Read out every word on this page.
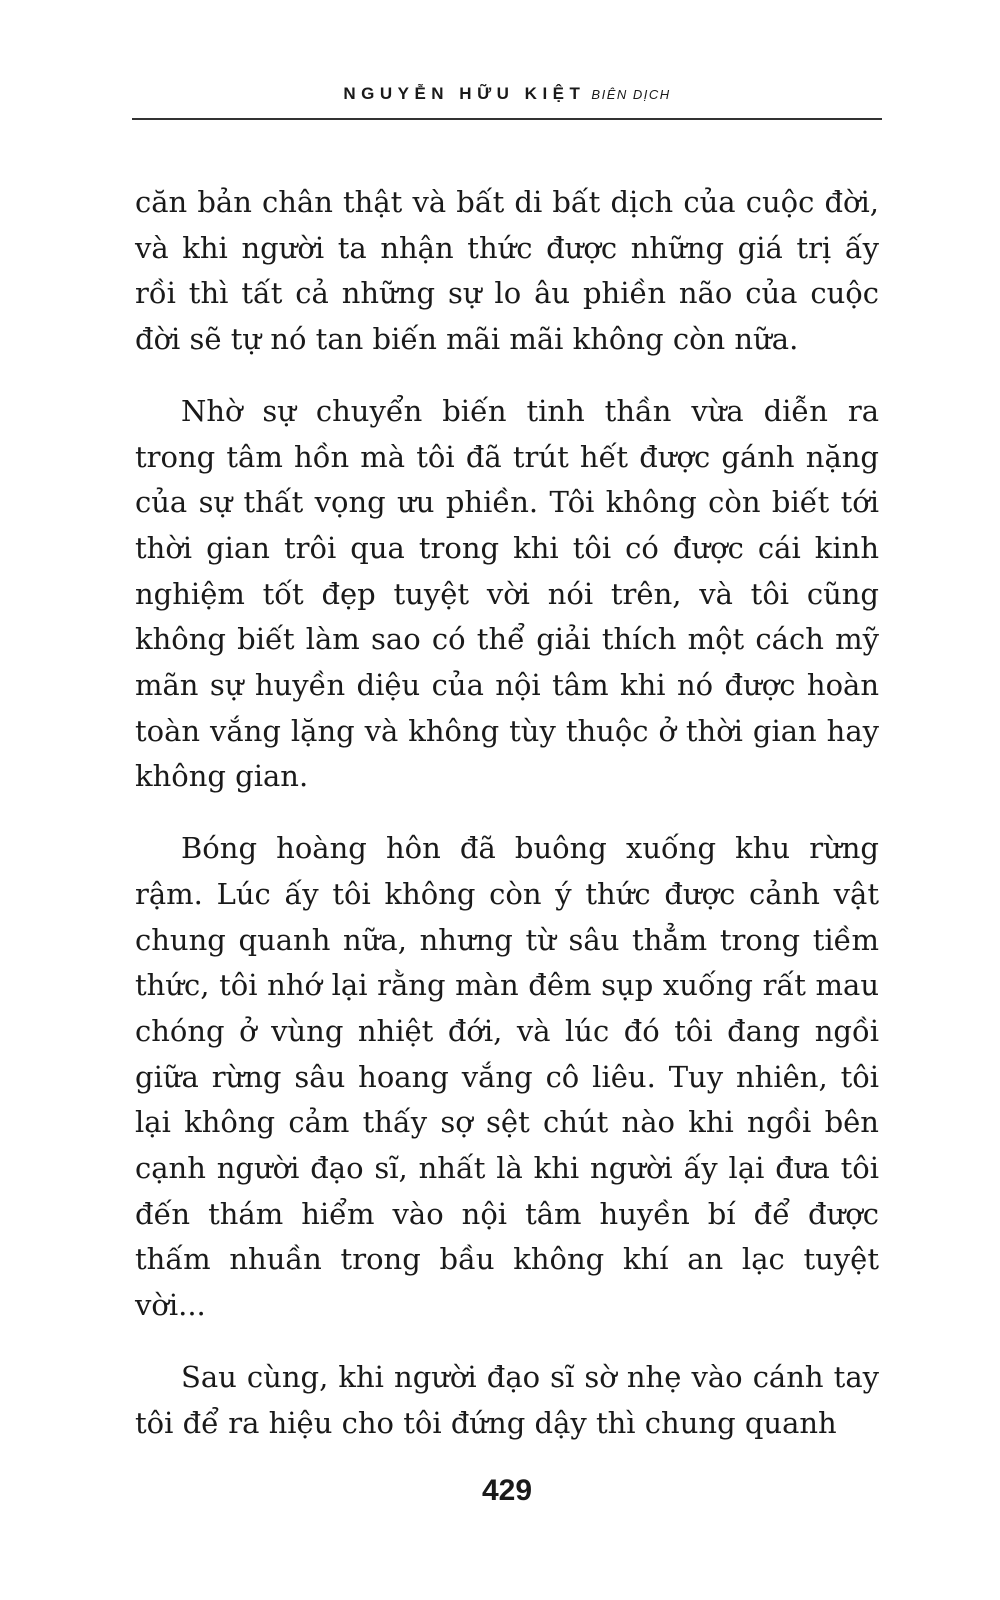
NGUYỄN HỮU KIỆT BIÊN DỊCH

căn bản chân thật và bất di bất dịch của cuộc đời, và khi người ta nhận thức được những giá trị ấy rồi thì tất cả những sự lo âu phiền não của cuộc đời sẽ tự nó tan biến mãi mãi không còn nữa.

Nhờ sự chuyển biến tinh thần vừa diễn ra trong tâm hồn mà tôi đã trút hết được gánh nặng của sự thất vọng ưu phiền. Tôi không còn biết tới thời gian trôi qua trong khi tôi có được cái kinh nghiệm tốt đẹp tuyệt vời nói trên, và tôi cũng không biết làm sao có thể giải thích một cách mỹ mãn sự huyền diệu của nội tâm khi nó được hoàn toàn vắng lặng và không tùy thuộc ở thời gian hay không gian.

Bóng hoàng hôn đã buông xuống khu rừng rậm. Lúc ấy tôi không còn ý thức được cảnh vật chung quanh nữa, nhưng từ sâu thẳm trong tiềm thức, tôi nhớ lại rằng màn đêm sụp xuống rất mau chóng ở vùng nhiệt đới, và lúc đó tôi đang ngồi giữa rừng sâu hoang vắng cô liêu. Tuy nhiên, tôi lại không cảm thấy sợ sệt chút nào khi ngồi bên cạnh người đạo sĩ, nhất là khi người ấy lại đưa tôi đến thám hiểm vào nội tâm huyền bí để được thấm nhuần trong bầu không khí an lạc tuyệt vời...

Sau cùng, khi người đạo sĩ sờ nhẹ vào cánh tay tôi để ra hiệu cho tôi đứng dậy thì chung quanh

429
